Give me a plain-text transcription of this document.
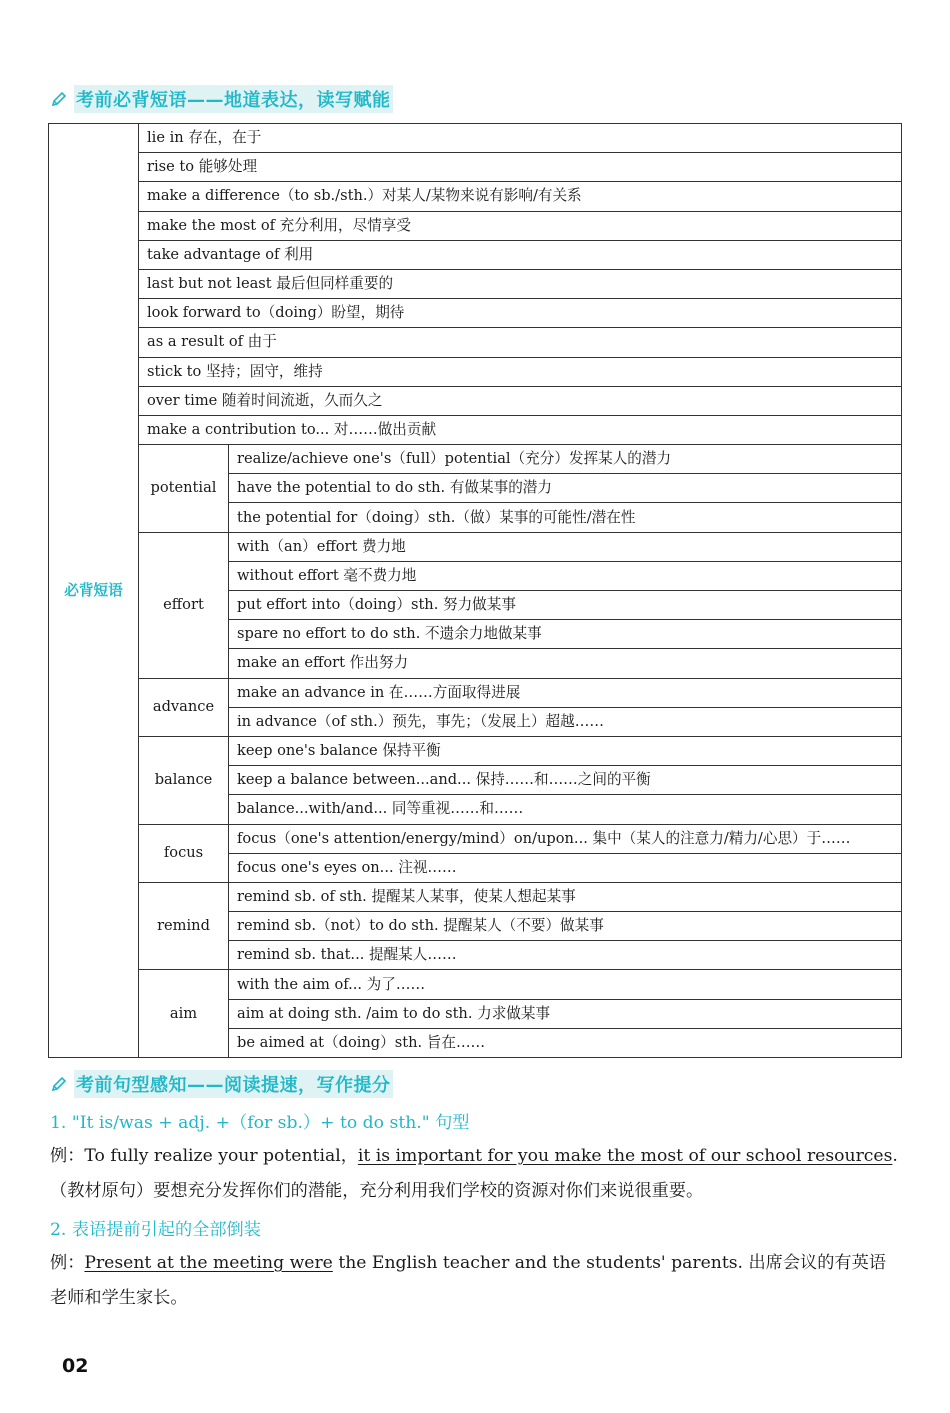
考前必背短语——地道表达，读写赋能
必背短语	lie in 存在，在于	
	rise to 能够处理	
	make a difference（to sb./sth.）对某人/某物来说有影响/有关系	
	make the most of 充分利用，尽情享受	
	take advantage of 利用	
	last but not least 最后但同样重要的	
	look forward to（doing）盼望，期待	
	as a result of 由于	
	stick to 坚持；固守，维持	
	over time 随着时间流逝，久而久之	
	make a contribution to... 对……做出贡献	
	potential	realize/achieve one's（full）potential（充分）发挥某人的潜力
		have the potential to do sth. 有做某事的潜力
		the potential for（doing）sth.（做）某事的可能性/潜在性
	effort	with（an）effort 费力地
		without effort 毫不费力地
		put effort into（doing）sth. 努力做某事
		spare no effort to do sth. 不遗余力地做某事
		make an effort 作出努力
	advance	make an advance in 在……方面取得进展
		in advance（of sth.）预先，事先；（发展上）超越……
	balance	keep one's balance 保持平衡
		keep a balance between...and... 保持……和……之间的平衡
		balance...with/and... 同等重视……和……
	focus	focus（one's attention/energy/mind）on/upon... 集中（某人的注意力/精力/心思）于……
		focus one's eyes on... 注视……
	remind	remind sb. of sth. 提醒某人某事，使某人想起某事
		remind sb.（not）to do sth. 提醒某人（不要）做某事
		remind sb. that... 提醒某人……
	aim	with the aim of... 为了……
		aim at doing sth. /aim to do sth. 力求做某事
		be aimed at（doing）sth. 旨在……
考前句型感知——阅读提速，写作提分
1. "It is/was + adj. +（for sb.）+ to do sth." 句型
例：To fully realize your potential，it is important for you make the most of our school resources.（教材原句）要想充分发挥你们的潜能，充分利用我们学校的资源对你们来说很重要。
2. 表语提前引起的全部倒装
例：Present at the meeting were the English teacher and the students' parents. 出席会议的有英语老师和学生家长。
02
